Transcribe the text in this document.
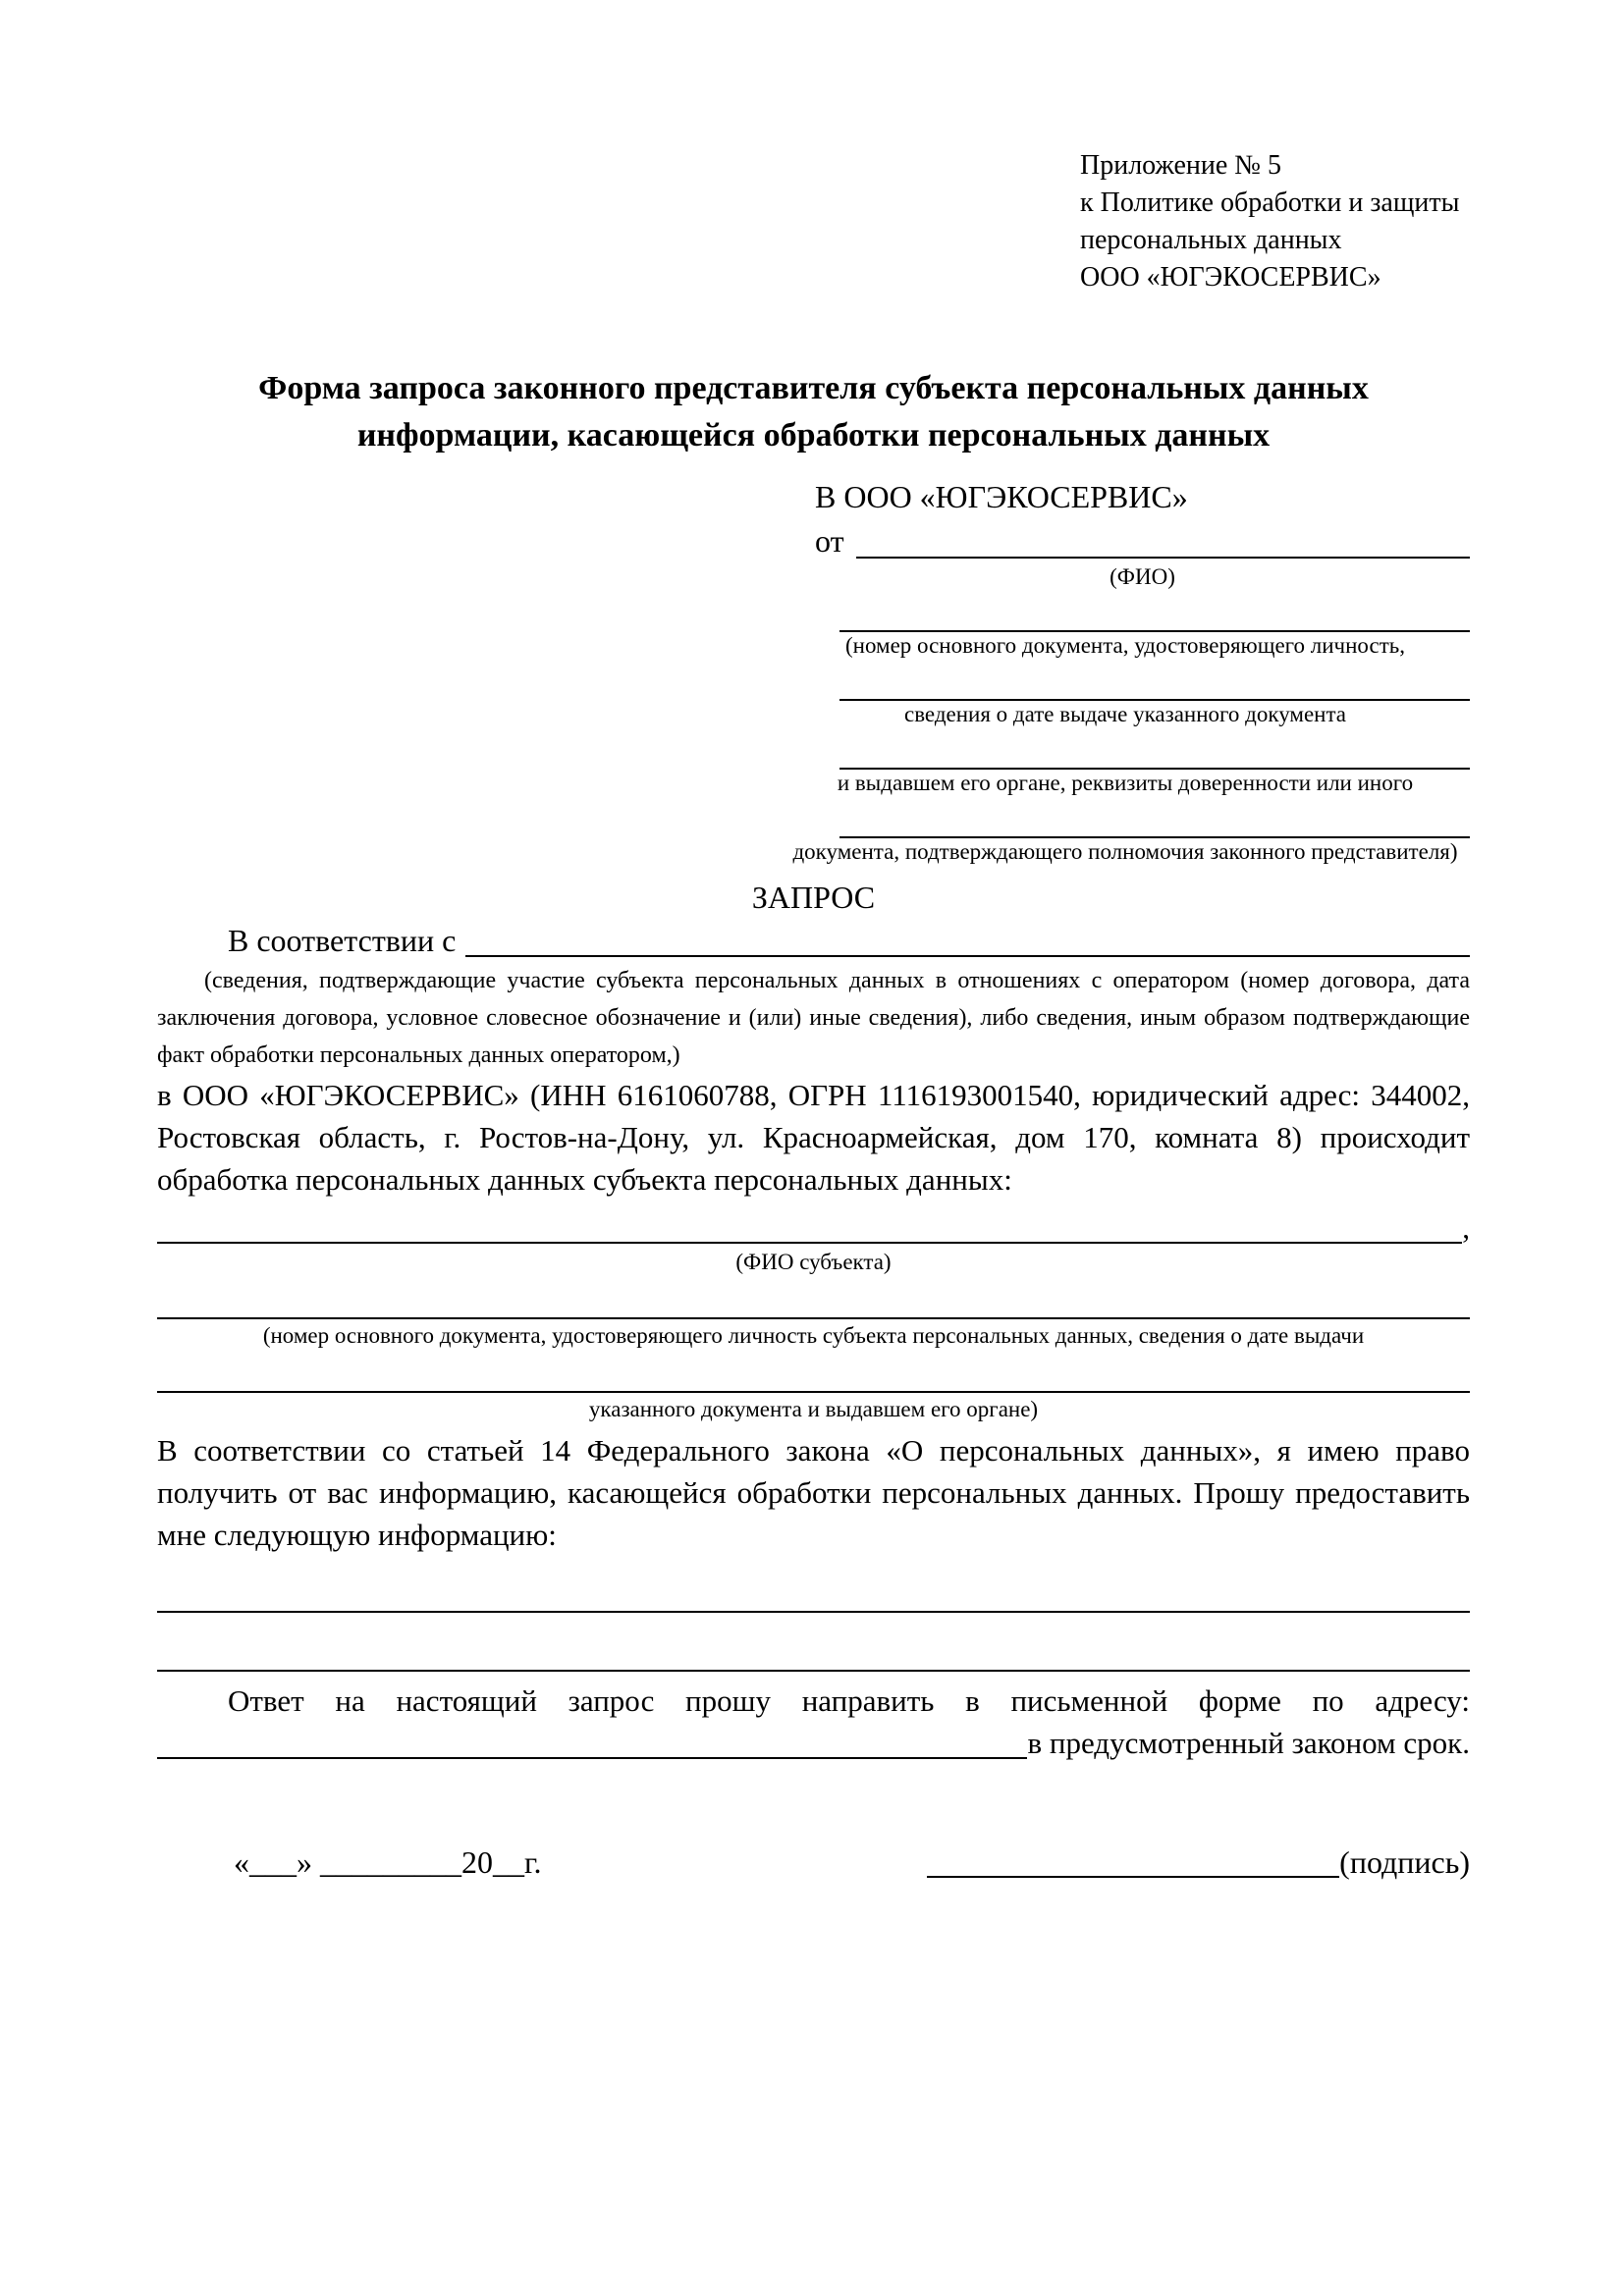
Приложение № 5
к Политике обработки и защиты
персональных данных
ООО «ЮГЭКОСЕРВИС»
Форма запроса законного представителя субъекта персональных данных
информации, касающейся обработки персональных данных
В ООО «ЮГЭКОСЕРВИС»
от
(ФИО)
(номер основного документа, удостоверяющего личность,
сведения о дате выдаче указанного документа
и выдавшем его органе, реквизиты доверенности или иного
документа, подтверждающего полномочия законного представителя)
ЗАПРОС
В соответствии с
(сведения, подтверждающие участие субъекта персональных данных в отношениях с оператором (номер договора, дата заключения договора, условное словесное обозначение и (или) иные сведения), либо сведения, иным образом подтверждающие факт обработки персональных данных оператором,)
в ООО «ЮГЭКОСЕРВИС» (ИНН 6161060788, ОГРН 1116193001540, юридический адрес: 344002, Ростовская область, г. Ростов-на-Дону, ул. Красноармейская, дом 170, комната 8) происходит обработка персональных данных субъекта персональных данных:
,
(ФИО субъекта)
(номер основного документа, удостоверяющего личность субъекта персональных данных, сведения о дате выдачи
указанного документа и выдавшем его органе)
В соответствии со статьей 14 Федерального закона «О персональных данных», я имею право получить от вас информацию, касающейся обработки персональных данных. Прошу предоставить мне следующую информацию:
Ответ на настоящий запрос прошу направить в письменной форме по адресу:
в предусмотренный законом срок.
«___» _________20__г.	(подпись)
